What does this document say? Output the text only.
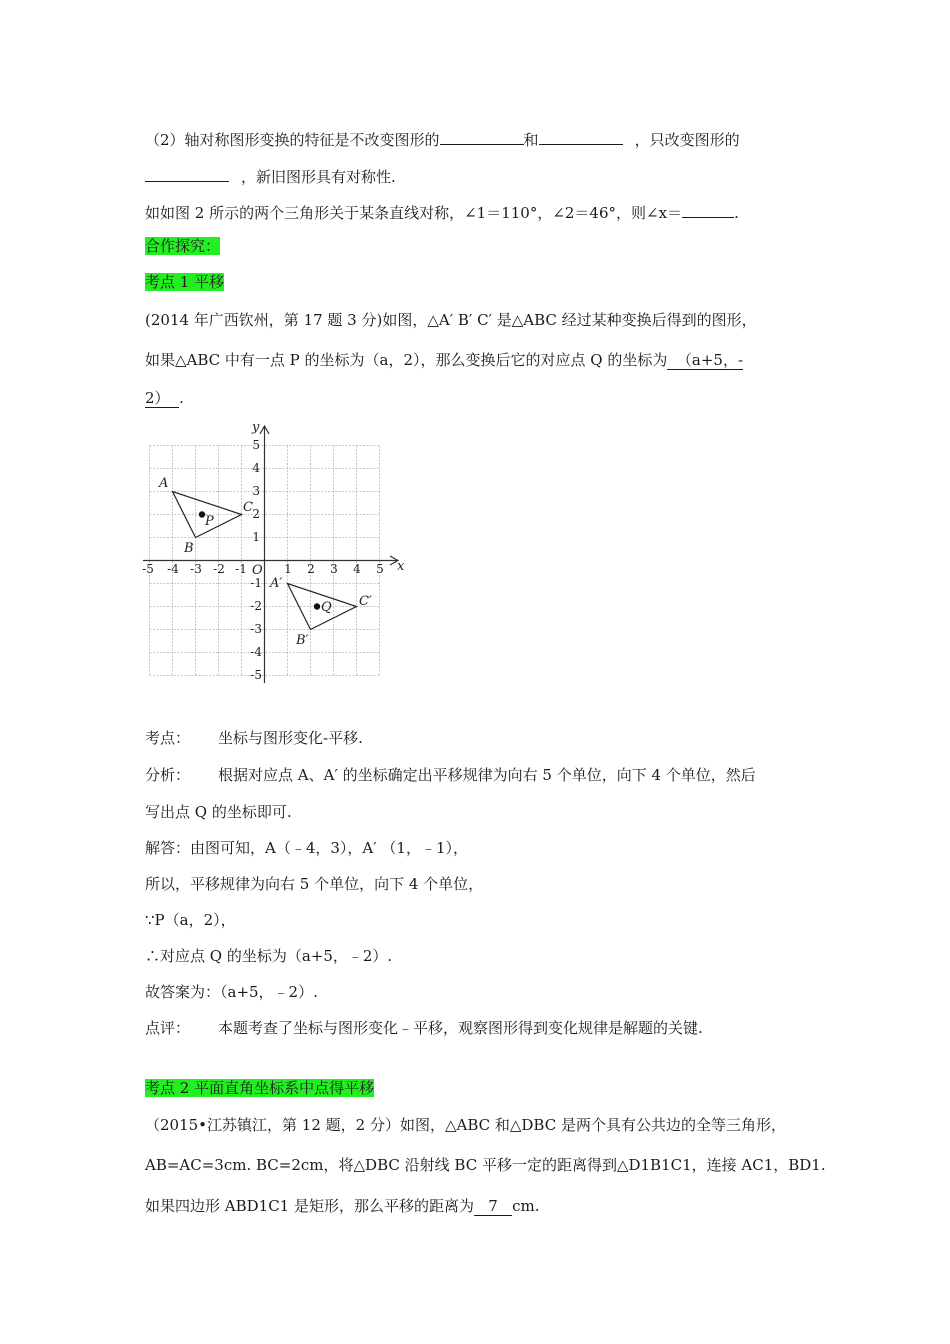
（2）轴对称图形变换的特征是不改变图形的	和	，只改变图形的
，新旧图形具有对称性.
如如图 2 所示的两个三角形关于某条直线对称，∠1＝110°，∠2＝46°，则∠x＝	.
合作探究：
考点 1 平移
(2014 年广西钦州，第 17 题 3 分)如图，△A′ B′ C′ 是△ABC 经过某种变换后得到的图形，
如果△ABC 中有一点 P 的坐标为（a，2），那么变换后它的对应点 Q 的坐标为  （a+5，-
2）  .
x
y
O
-5 -4 -3 -2 -1	1 2 3 4 5
5
4
3
2
1
-1
-2
-3
-4
-5
A
B
C
P
A′
B′
C′
Q
考点： 坐标与图形变化-平移.
分析： 根据对应点 A、A′ 的坐标确定出平移规律为向右 5 个单位，向下 4 个单位，然后
写出点 Q 的坐标即可.
解答：由图可知，A（﹣4，3），A′ （1，﹣1），
所以，平移规律为向右 5 个单位，向下 4 个单位，
∵P（a，2），
∴对应点 Q 的坐标为（a+5，﹣2）.
故答案为：（a+5，﹣2）.
点评： 本题考查了坐标与图形变化﹣平移，观察图形得到变化规律是解题的关键.
考点 2 平面直角坐标系中点得平移
（2015•江苏镇江，第 12 题，2 分）如图，△ABC 和△DBC 是两个具有公共边的全等三角形，
AB=AC=3cm. BC=2cm，将△DBC 沿射线 BC 平移一定的距离得到△D1B1C1，连接 AC1，BD1.
如果四边形 ABD1C1 是矩形，那么平移的距离为   7   cm.
